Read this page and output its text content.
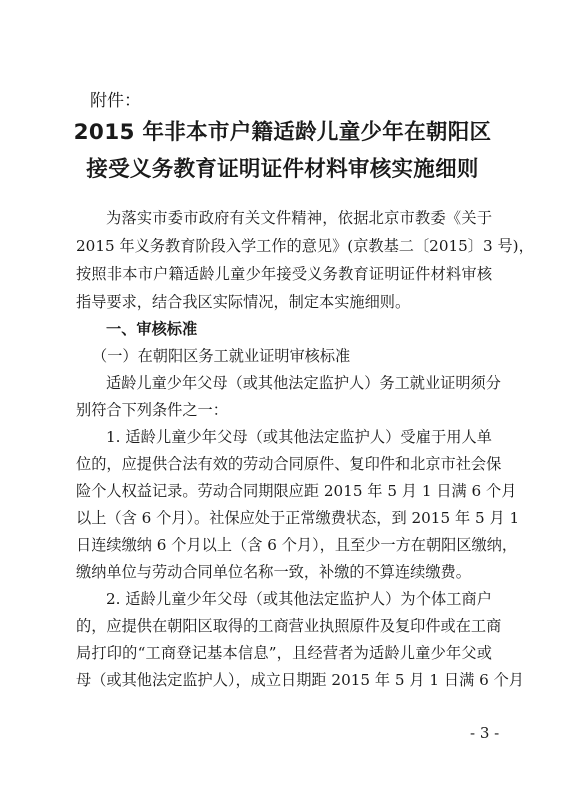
附件：
2015 年非本市户籍适龄儿童少年在朝阳区
接受义务教育证明证件材料审核实施细则
为落实市委市政府有关文件精神，依据北京市教委《关于
2015 年义务教育阶段入学工作的意见》(京教基二〔2015〕3 号)，
按照非本市户籍适龄儿童少年接受义务教育证明证件材料审核
指导要求，结合我区实际情况，制定本实施细则。
一、审核标准
（一）在朝阳区务工就业证明审核标准
适龄儿童少年父母（或其他法定监护人）务工就业证明须分
别符合下列条件之一：
1. 适龄儿童少年父母（或其他法定监护人）受雇于用人单
位的，应提供合法有效的劳动合同原件、复印件和北京市社会保
险个人权益记录。劳动合同期限应距 2015 年 5 月 1 日满 6 个月
以上（含 6 个月）。社保应处于正常缴费状态，到 2015 年 5 月 1
日连续缴纳 6 个月以上（含 6 个月），且至少一方在朝阳区缴纳，
缴纳单位与劳动合同单位名称一致，补缴的不算连续缴费。
2. 适龄儿童少年父母（或其他法定监护人）为个体工商户
的，应提供在朝阳区取得的工商营业执照原件及复印件或在工商
局打印的“工商登记基本信息”，且经营者为适龄儿童少年父或
母（或其他法定监护人），成立日期距 2015 年 5 月 1 日满 6 个月
- 3 -
